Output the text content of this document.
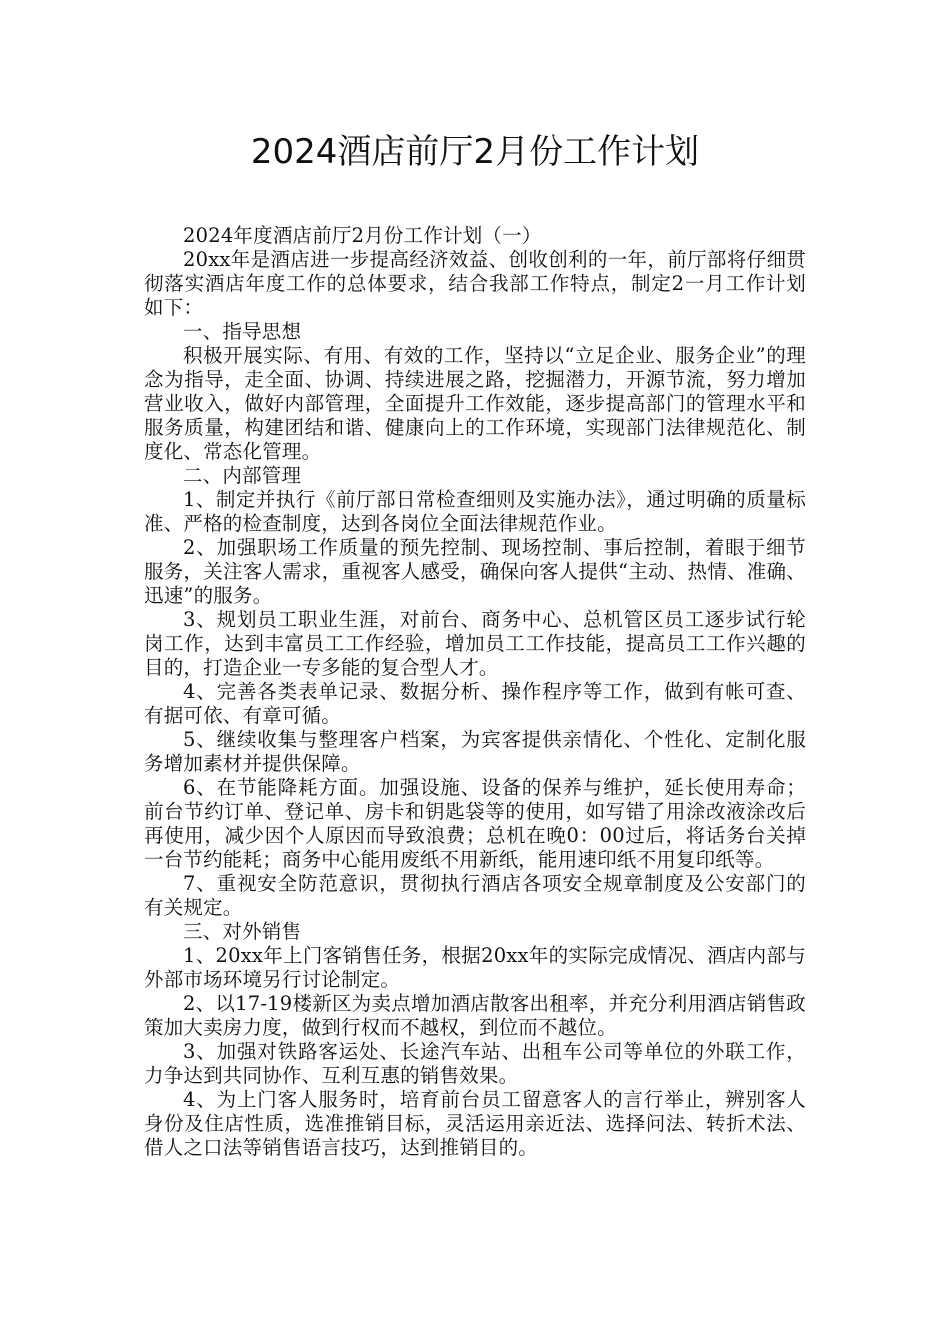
2024酒店前厅2月份工作计划

2024年度酒店前厅2月份工作计划（一）

20xx年是酒店进一步提高经济效益、创收创利的一年，前厅部将仔细贯彻落实酒店年度工作的总体要求，结合我部工作特点，制定2一月工作计划如下：

一、指导思想

积极开展实际、有用、有效的工作，坚持以“立足企业、服务企业”的理念为指导，走全面、协调、持续进展之路，挖掘潜力，开源节流，努力增加营业收入，做好内部管理，全面提升工作效能，逐步提高部门的管理水平和服务质量，构建团结和谐、健康向上的工作环境，实现部门法律规范化、制度化、常态化管理。

二、内部管理

1、制定并执行《前厅部日常检查细则及实施办法》，通过明确的质量标准、严格的检查制度，达到各岗位全面法律规范作业。

2、加强职场工作质量的预先控制、现场控制、事后控制，着眼于细节服务，关注客人需求，重视客人感受，确保向客人提供“主动、热情、准确、迅速”的服务。

3、规划员工职业生涯，对前台、商务中心、总机管区员工逐步试行轮岗工作，达到丰富员工工作经验，增加员工工作技能，提高员工工作兴趣的目的，打造企业一专多能的复合型人才。

4、完善各类表单记录、数据分析、操作程序等工作，做到有帐可查、有据可依、有章可循。

5、继续收集与整理客户档案，为宾客提供亲情化、个性化、定制化服务增加素材并提供保障。

6、在节能降耗方面。加强设施、设备的保养与维护，延长使用寿命；前台节约订单、登记单、房卡和钥匙袋等的使用，如写错了用涂改液涂改后再使用，减少因个人原因而导致浪费；总机在晚0：00过后，将话务台关掉一台节约能耗；商务中心能用废纸不用新纸，能用速印纸不用复印纸等。

7、重视安全防范意识，贯彻执行酒店各项安全规章制度及公安部门的有关规定。

三、对外销售

1、20xx年上门客销售任务，根据20xx年的实际完成情况、酒店内部与外部市场环境另行讨论制定。

2、以17-19楼新区为卖点增加酒店散客出租率，并充分利用酒店销售政策加大卖房力度，做到行权而不越权，到位而不越位。

3、加强对铁路客运处、长途汽车站、出租车公司等单位的外联工作，力争达到共同协作、互利互惠的销售效果。

4、为上门客人服务时，培育前台员工留意客人的言行举止，辨别客人身份及住店性质，选准推销目标，灵活运用亲近法、选择问法、转折术法、借人之口法等销售语言技巧，达到推销目的。
